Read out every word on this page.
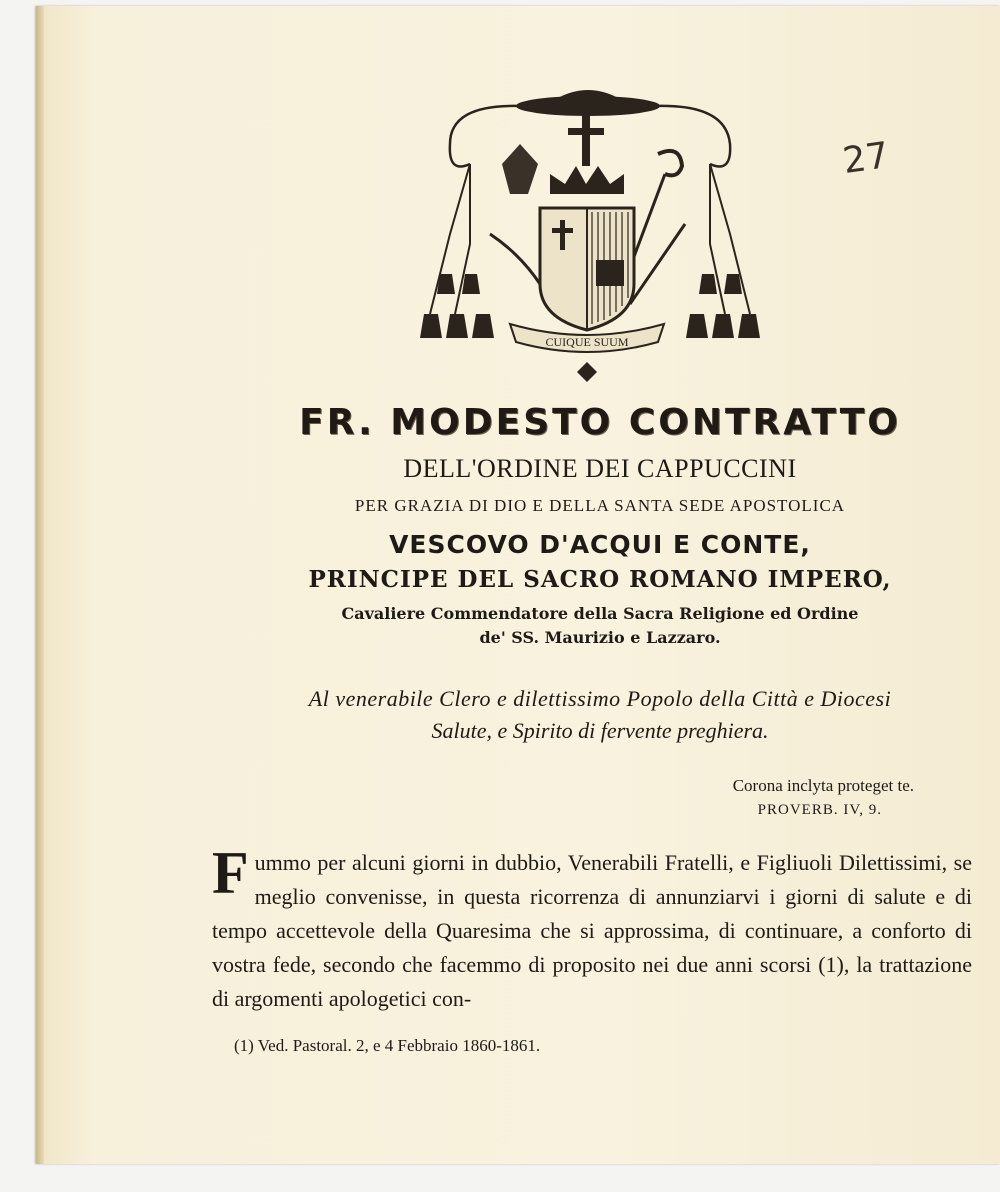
27
CUIQUE SUUM
FR. MODESTO CONTRATTO
DELL'ORDINE DEI CAPPUCCINI
PER GRAZIA DI DIO E DELLA SANTA SEDE APOSTOLICA
VESCOVO D'ACQUI E CONTE,
PRINCIPE DEL SACRO ROMANO IMPERO,
Cavaliere Commendatore della Sacra Religione ed Ordine
de' SS. Maurizio e Lazzaro.
Al venerabile Clero e dilettissimo Popolo della Città e Diocesi
Salute, e Spirito di fervente preghiera.
Corona inclyta proteget te.
PROVERB. IV, 9.
F ummo per alcuni giorni in dubbio, Venerabili Fratelli, e Figliuoli Dilettissimi, se meglio convenisse, in questa ricorrenza di annunziarvi i giorni di salute e di tempo accettevole della Quaresima che si approssima, di continuare, a conforto di vostra fede, secondo che facemmo di proposito nei due anni scorsi (1), la trattazione di argomenti apologetici con-
(1) Ved. Pastoral. 2, e 4 Febbraio 1860-1861.
